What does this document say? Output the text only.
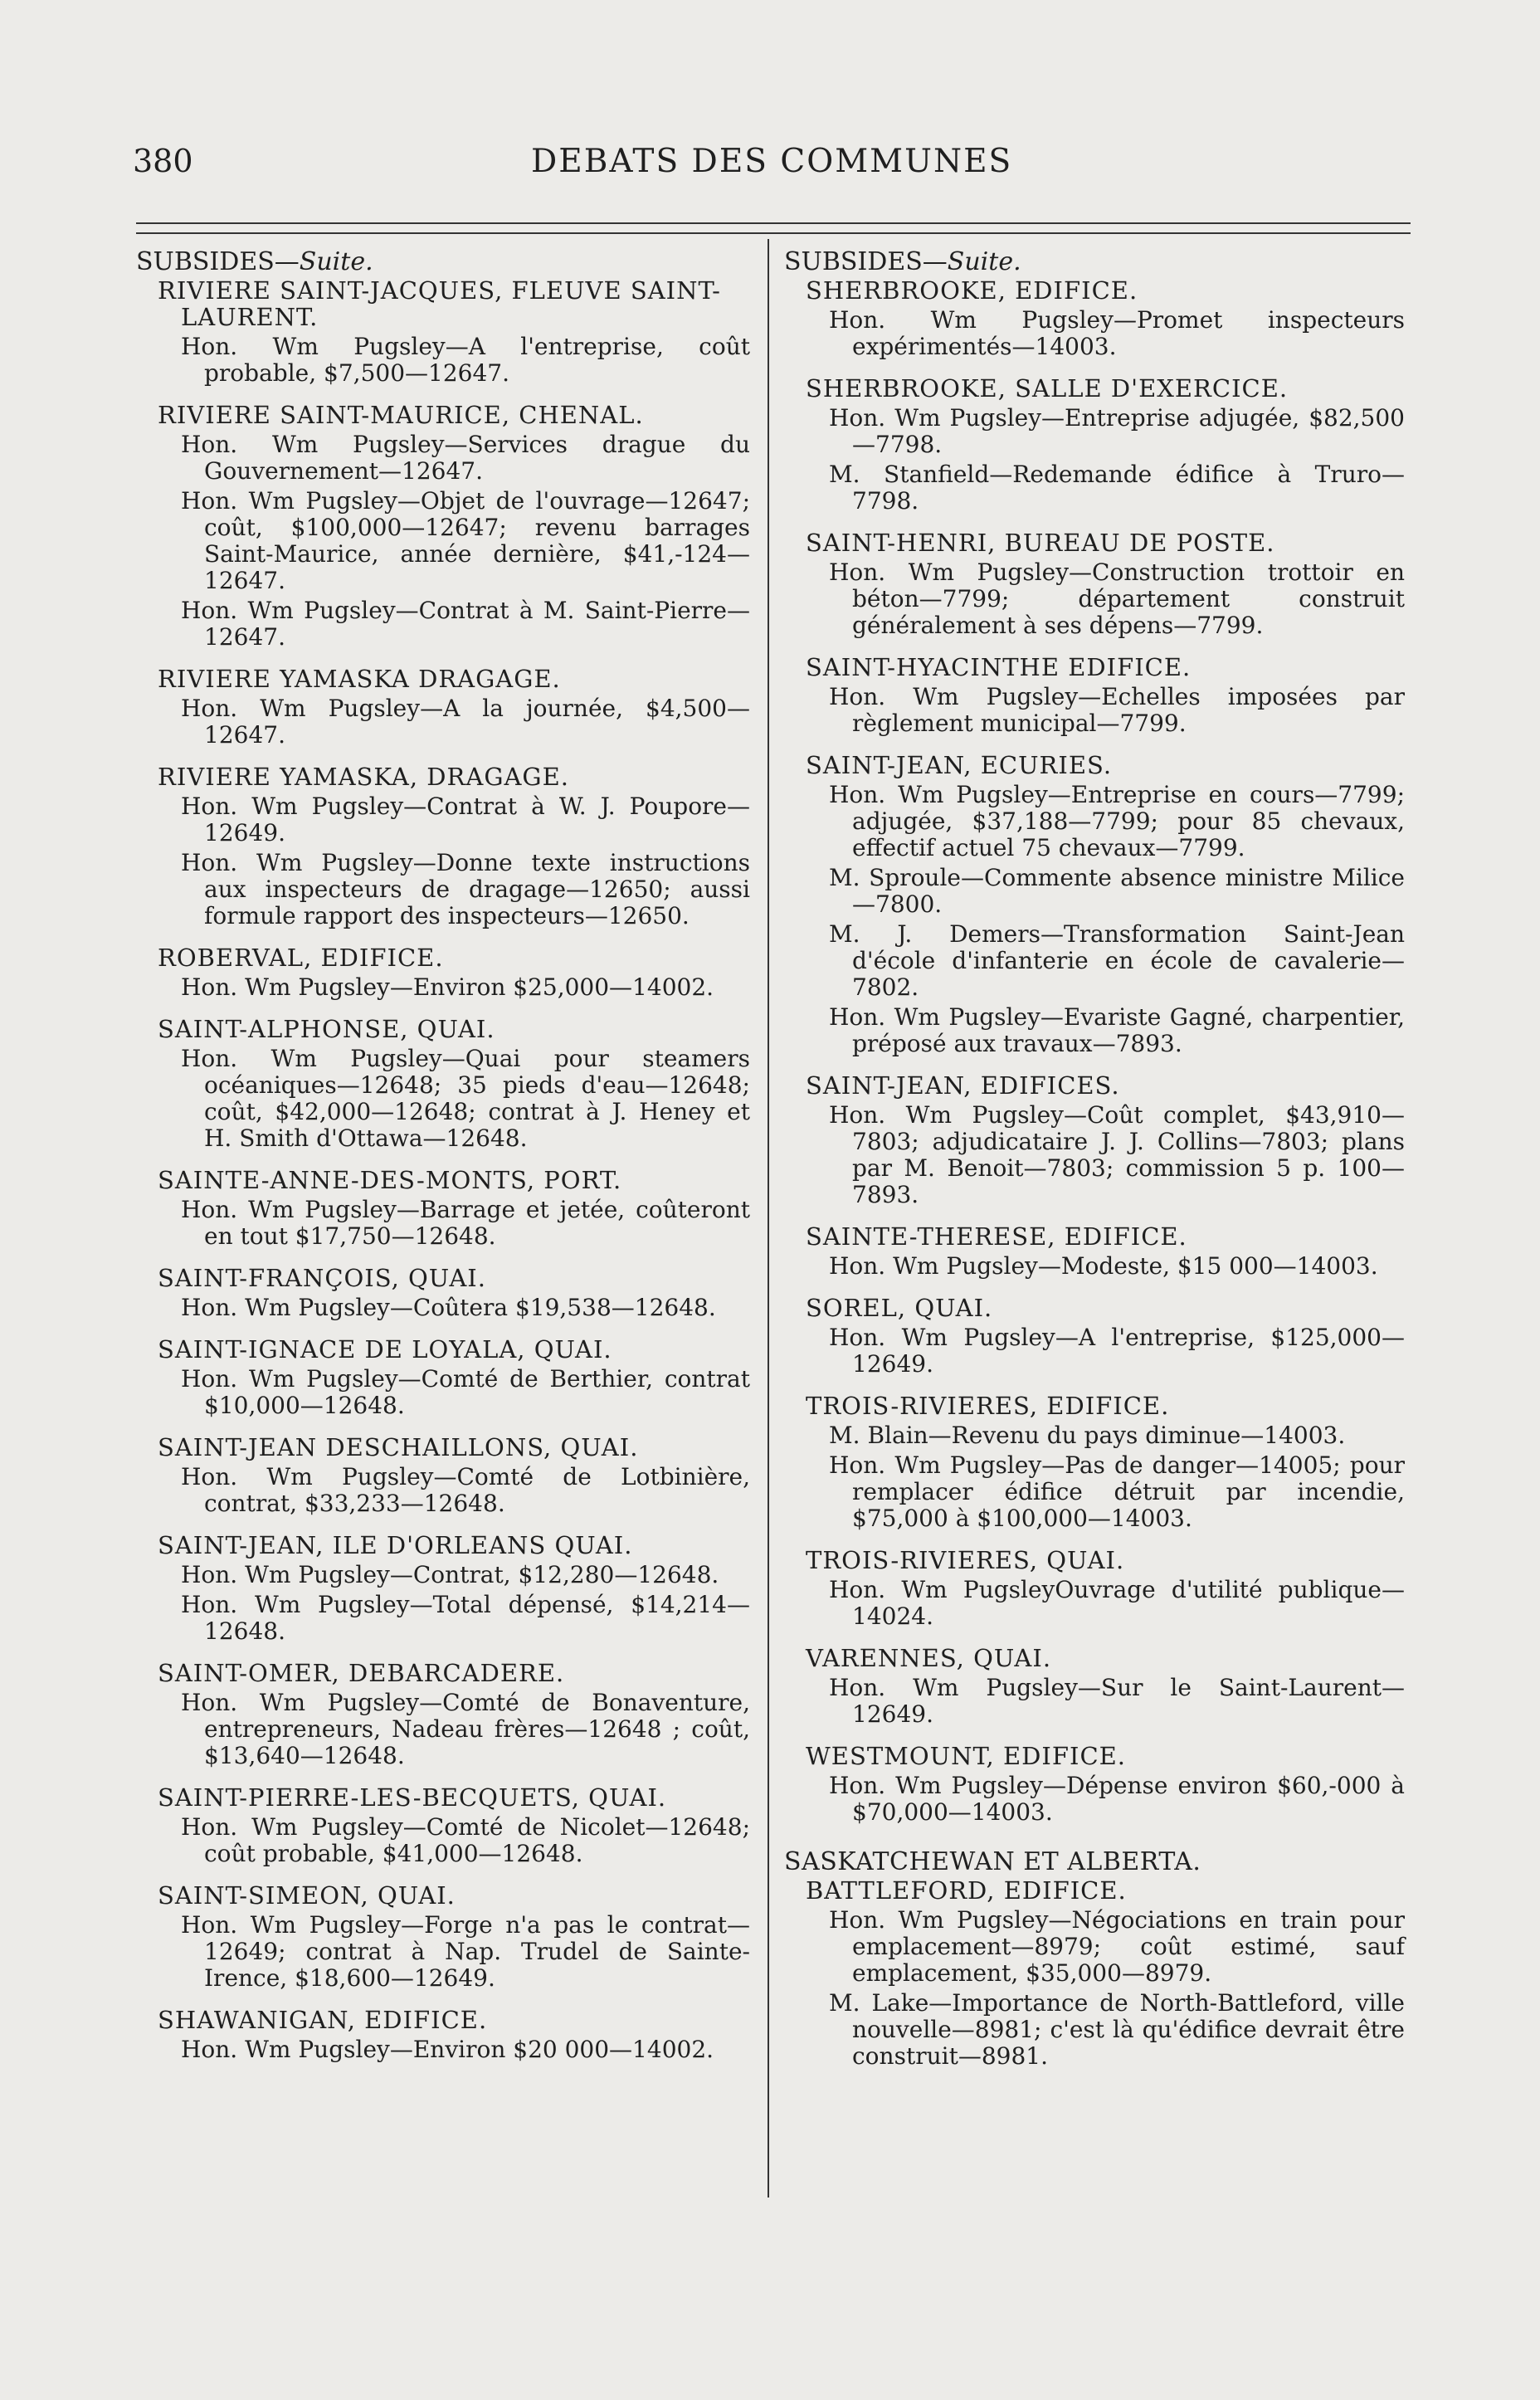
380	DEBATS DES COMMUNES
SUBSIDES—Suite.
RIVIERE SAINT-JACQUES, FLEUVE SAINT-LAURENT.
Hon. Wm Pugsley—A l'entreprise, coût probable, $7,500—12647.
RIVIERE SAINT-MAURICE, CHENAL.
Hon. Wm Pugsley—Services drague du Gouvernement—12647.
Hon. Wm Pugsley—Objet de l'ouvrage—12647; coût, $100,000—12647; revenu barrages Saint-Maurice, année dernière, $41,-124—12647.
Hon. Wm Pugsley—Contrat à M. Saint-Pierre—12647.
RIVIERE YAMASKA DRAGAGE.
Hon. Wm Pugsley—A la journée, $4,500—12647.
RIVIERE YAMASKA, DRAGAGE.
Hon. Wm Pugsley—Contrat à W. J. Poupore—12649.
Hon. Wm Pugsley—Donne texte instructions aux inspecteurs de dragage—12650; aussi formule rapport des inspecteurs—12650.
ROBERVAL, EDIFICE.
Hon. Wm Pugsley—Environ $25,000—14002.
SAINT-ALPHONSE, QUAI.
Hon. Wm Pugsley—Quai pour steamers océaniques—12648; 35 pieds d'eau—12648; coût, $42,000—12648; contrat à J. Heney et H. Smith d'Ottawa—12648.
SAINTE-ANNE-DES-MONTS, PORT.
Hon. Wm Pugsley—Barrage et jetée, coûteront en tout $17,750—12648.
SAINT-FRANÇOIS, QUAI.
Hon. Wm Pugsley—Coûtera $19,538—12648.
SAINT-IGNACE DE LOYALA, QUAI.
Hon. Wm Pugsley—Comté de Berthier, contrat $10,000—12648.
SAINT-JEAN DESCHAILLONS, QUAI.
Hon. Wm Pugsley—Comté de Lotbinière, contrat, $33,233—12648.
SAINT-JEAN, ILE D'ORLEANS QUAI.
Hon. Wm Pugsley—Contrat, $12,280—12648.
Hon. Wm Pugsley—Total dépensé, $14,214—12648.
SAINT-OMER, DEBARCADERE.
Hon. Wm Pugsley—Comté de Bonaventure, entrepreneurs, Nadeau frères—12648 ; coût, $13,640—12648.
SAINT-PIERRE-LES-BECQUETS, QUAI.
Hon. Wm Pugsley—Comté de Nicolet—12648; coût probable, $41,000—12648.
SAINT-SIMEON, QUAI.
Hon. Wm Pugsley—Forge n'a pas le contrat—12649; contrat à Nap. Trudel de Sainte-Irence, $18,600—12649.
SHAWANIGAN, EDIFICE.
Hon. Wm Pugsley—Environ $20 000—14002.
SUBSIDES—Suite.
SHERBROOKE, EDIFICE.
Hon. Wm Pugsley—Promet inspecteurs expérimentés—14003.
SHERBROOKE, SALLE D'EXERCICE.
Hon. Wm Pugsley—Entreprise adjugée, $82,500—7798.
M. Stanfield—Redemande édifice à Truro—7798.
SAINT-HENRI, BUREAU DE POSTE.
Hon. Wm Pugsley—Construction trottoir en béton—7799; département construit généralement à ses dépens—7799.
SAINT-HYACINTHE EDIFICE.
Hon. Wm Pugsley—Echelles imposées par règlement municipal—7799.
SAINT-JEAN, ECURIES.
Hon. Wm Pugsley—Entreprise en cours—7799; adjugée, $37,188—7799; pour 85 chevaux, effectif actuel 75 chevaux—7799.
M. Sproule—Commente absence ministre Milice—7800.
M. J. Demers—Transformation Saint-Jean d'école d'infanterie en école de cavalerie—7802.
Hon. Wm Pugsley—Evariste Gagné, charpentier, préposé aux travaux—7893.
SAINT-JEAN, EDIFICES.
Hon. Wm Pugsley—Coût complet, $43,910—7803; adjudicataire J. J. Collins—7803; plans par M. Benoit—7803; commission 5 p. 100—7893.
SAINTE-THERESE, EDIFICE.
Hon. Wm Pugsley—Modeste, $15 000—14003.
SOREL, QUAI.
Hon. Wm Pugsley—A l'entreprise, $125,000—12649.
TROIS-RIVIERES, EDIFICE.
M. Blain—Revenu du pays diminue—14003.
Hon. Wm Pugsley—Pas de danger—14005; pour remplacer édifice détruit par incendie, $75,000 à $100,000—14003.
TROIS-RIVIERES, QUAI.
Hon. Wm PugsleyOuvrage d'utilité publique—14024.
VARENNES, QUAI.
Hon. Wm Pugsley—Sur le Saint-Laurent—12649.
WESTMOUNT, EDIFICE.
Hon. Wm Pugsley—Dépense environ $60,-000 à $70,000—14003.
SASKATCHEWAN ET ALBERTA.
BATTLEFORD, EDIFICE.
Hon. Wm Pugsley—Négociations en train pour emplacement—8979; coût estimé, sauf emplacement, $35,000—8979.
M. Lake—Importance de North-Battleford, ville nouvelle—8981; c'est là qu'édifice devrait être construit—8981.
